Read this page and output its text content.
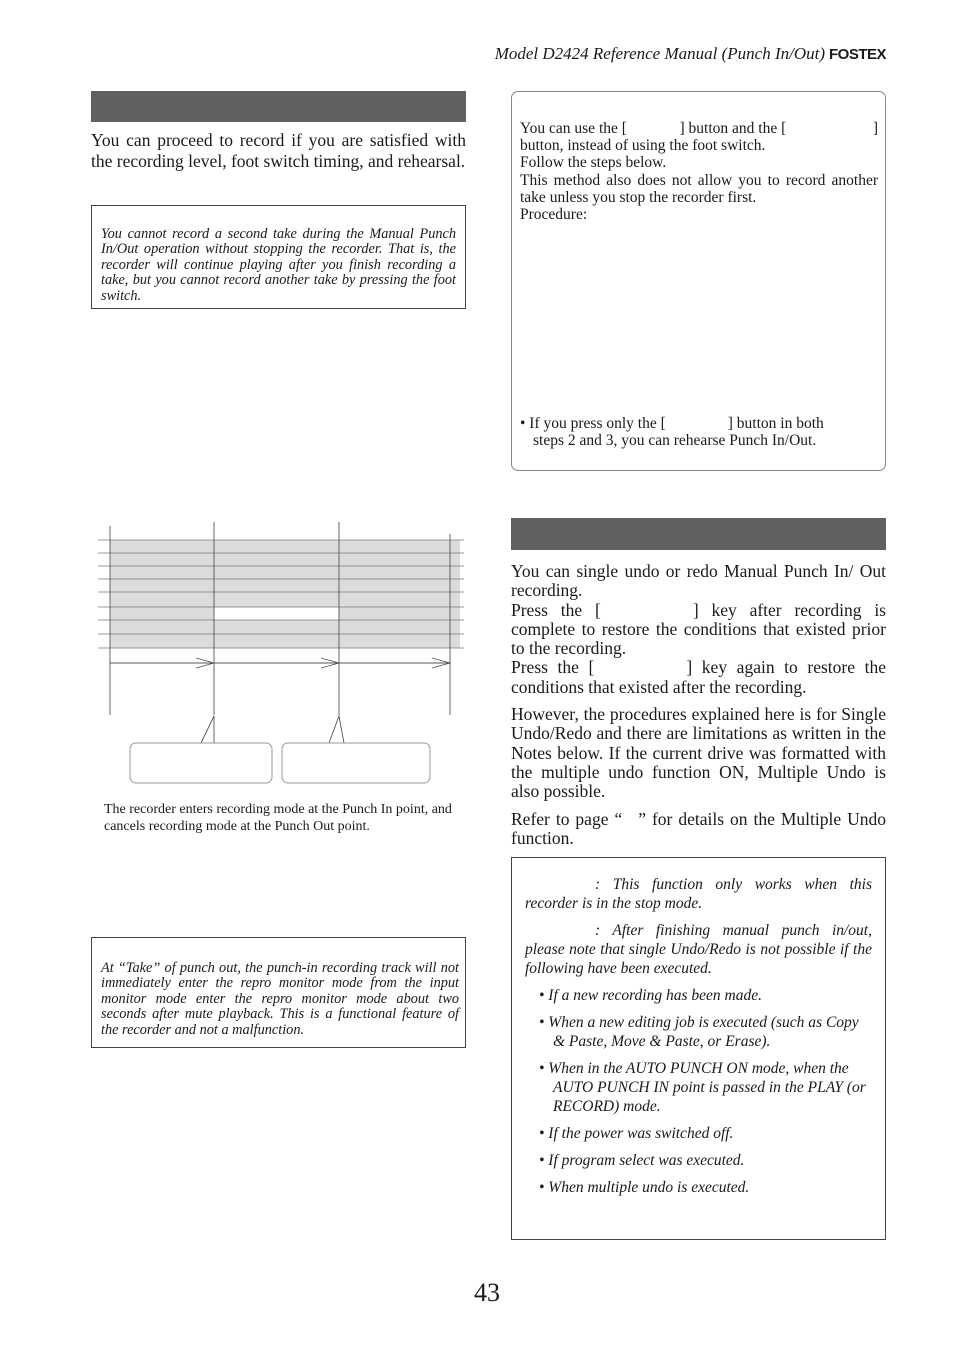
Model D2424 Reference Manual (Punch In/Out) FOSTEX

You can proceed to record if you are satisfied with the recording level, foot switch timing, and rehearsal.

You cannot record a second take during the Manual Punch In/Out operation without stopping the recorder. That is, the recorder will continue playing after you finish recording a take, but you cannot record another take by pressing the foot switch.

The recorder enters recording mode at the Punch In point, and cancels recording mode at the Punch Out point.

At “Take” of punch out, the punch-in recording track will not immediately enter the repro monitor mode from the input monitor mode enter the repro monitor mode about two seconds after mute playback. This is a functional feature of the recorder and not a malfunction.

You can use the [	] button and the [	]

button, instead of using the foot switch.

Follow the steps below.

This method also does not allow you to record another take unless you stop the recorder first.

Procedure:

• If you press only the [	] button in both

steps 2 and 3, you can rehearse Punch In/Out.

You can single undo or redo Manual Punch In/ Out recording.

Press the [	] key after recording is complete to restore the conditions that existed prior to the recording.

Press the [	] key again to restore the conditions that existed after the recording.

However, the procedures explained here is for Single Undo/Redo and there are limitations as written in the Notes below. If the current drive was formatted with the multiple undo function ON, Multiple Undo is also possible.

Refer to page “ ” for details on the Multiple Undo function.

: This function only works when this recorder is in the stop mode.

: After finishing manual punch in/out, please note that single Undo/Redo is not possible if the following have been executed.

• If a new recording has been made.

• When a new editing job is executed (such as Copy & Paste, Move & Paste, or Erase).

• When in the AUTO PUNCH ON mode, when the AUTO PUNCH IN point is passed in the PLAY (or RECORD) mode.

• If the power was switched off.

• If program select was executed.

• When multiple undo is executed.

43
